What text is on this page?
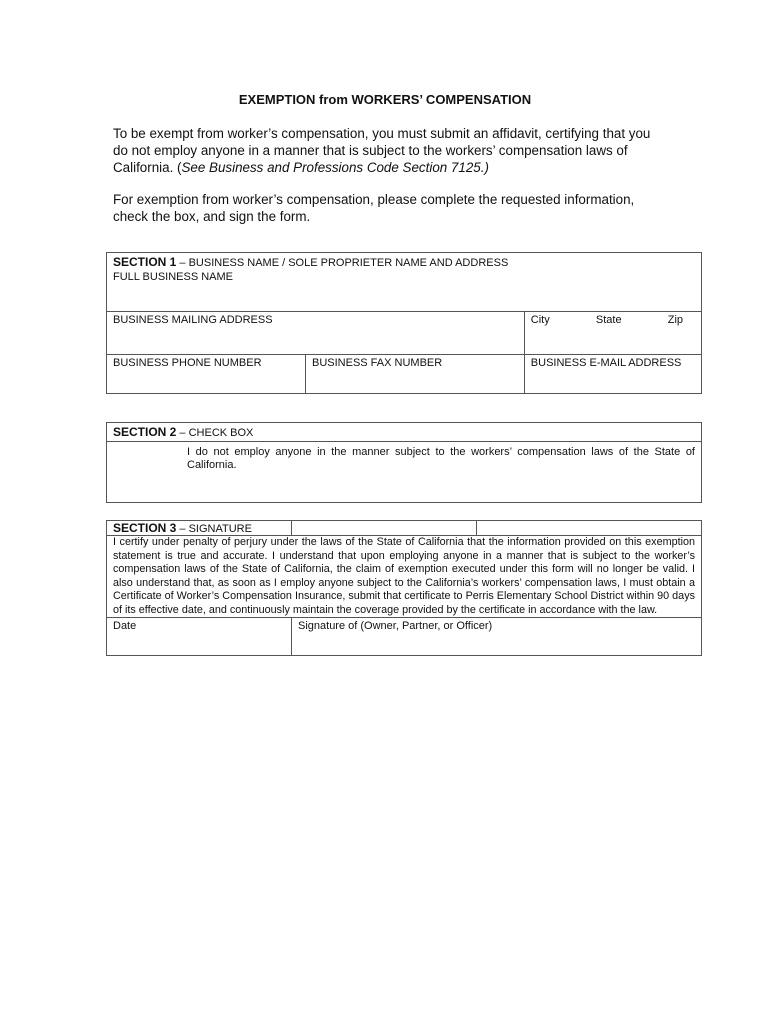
EXEMPTION from WORKERS’ COMPENSATION
To be exempt from worker’s compensation, you must submit an affidavit, certifying that you do not employ anyone in a manner that is subject to the workers’ compensation laws of California. (See Business and Professions Code Section 7125.)
For exemption from worker’s compensation, please complete the requested information, check the box, and sign the form.
SECTION 1 – BUSINESS NAME / SOLE PROPRIETER NAME AND ADDRESS		
FULL BUSINESS NAME		
BUSINESS MAILING ADDRESS		City State Zip

BUSINESS PHONE NUMBER	BUSINESS FAX NUMBER	BUSINESS E-MAIL ADDRESS
SECTION 2 – CHECK BOX
	I do not employ anyone in the manner subject to the workers’ compensation laws of the State of California.
SECTION 3 – SIGNATURE		
I certify under penalty of perjury under the laws of the State of California that the information provided on this exemption statement is true and accurate. I understand that upon employing anyone in a manner that is subject to the worker’s compensation laws of the State of California, the claim of exemption executed under this form will no longer be valid. I also understand that, as soon as I employ anyone subject to the California’s workers’ compensation laws, I must obtain a Certificate of Worker’s Compensation Insurance, submit that certificate to Perris Elementary School District within 90 days of its effective date, and continuously maintain the coverage provided by the certificate in accordance with the law.		
Date	Signature of (Owner, Partner, or Officer)	
